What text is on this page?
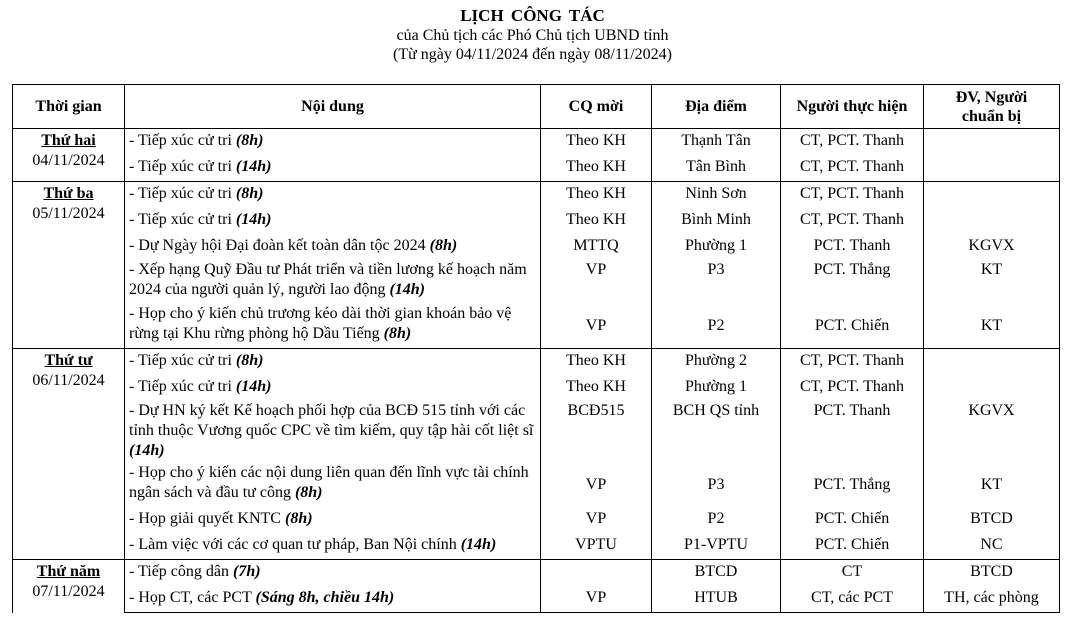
LỊCH CÔNG TÁC
của Chủ tịch các Phó Chủ tịch UBND tỉnh
(Từ ngày 04/11/2024 đến ngày 08/11/2024)
Thời gian	Nội dung	CQ mời	Địa điểm	Người thực hiện	ĐV, Người
chuẩn bị
Thứ hai
04/11/2024	- Tiếp xúc cử tri (8h)	Theo KH	Thạnh Tân	CT, PCT. Thanh	
	- Tiếp xúc cử tri (14h)	Theo KH	Tân Bình	CT, PCT. Thanh	
Thứ ba
05/11/2024	- Tiếp xúc cử tri (8h)	Theo KH	Ninh Sơn	CT, PCT. Thanh	
	- Tiếp xúc cử tri (14h)	Theo KH	Bình Minh	CT, PCT. Thanh	
	- Dự Ngày hội Đại đoàn kết toàn dân tộc 2024 (8h)	MTTQ	Phường 1	PCT. Thanh	KGVX
	- Xếp hạng Quỹ Đầu tư Phát triển và tiền lương kế hoạch năm 2024 của người quản lý, người lao động (14h)	VP	P3	PCT. Thắng	KT
	- Họp cho ý kiến chủ trương kéo dài thời gian khoán bảo vệ rừng tại Khu rừng phòng hộ Dầu Tiếng (8h)	VP	P2	PCT. Chiến	KT
Thứ tư
06/11/2024	- Tiếp xúc cử tri (8h)	Theo KH	Phường 2	CT, PCT. Thanh	
	- Tiếp xúc cử tri (14h)	Theo KH	Phường 1	CT, PCT. Thanh	
	- Dự HN ký kết Kế hoạch phối hợp của BCĐ 515 tỉnh với các tỉnh thuộc Vương quốc CPC về tìm kiếm, quy tập hài cốt liệt sĩ (14h)	BCĐ515	BCH QS tỉnh	PCT. Thanh	KGVX
	- Họp cho ý kiến các nội dung liên quan đến lĩnh vực tài chính ngân sách và đầu tư công (8h)	VP	P3	PCT. Thắng	KT
	- Họp giải quyết KNTC (8h)	VP	P2	PCT. Chiến	BTCD
	- Làm việc với các cơ quan tư pháp, Ban Nội chính (14h)	VPTU	P1-VPTU	PCT. Chiến	NC
Thứ năm
07/11/2024	- Tiếp công dân (7h)		BTCD	CT	BTCD
	- Họp CT, các PCT (Sáng 8h, chiều 14h)	VP	HTUB	CT, các PCT	TH, các phòng
